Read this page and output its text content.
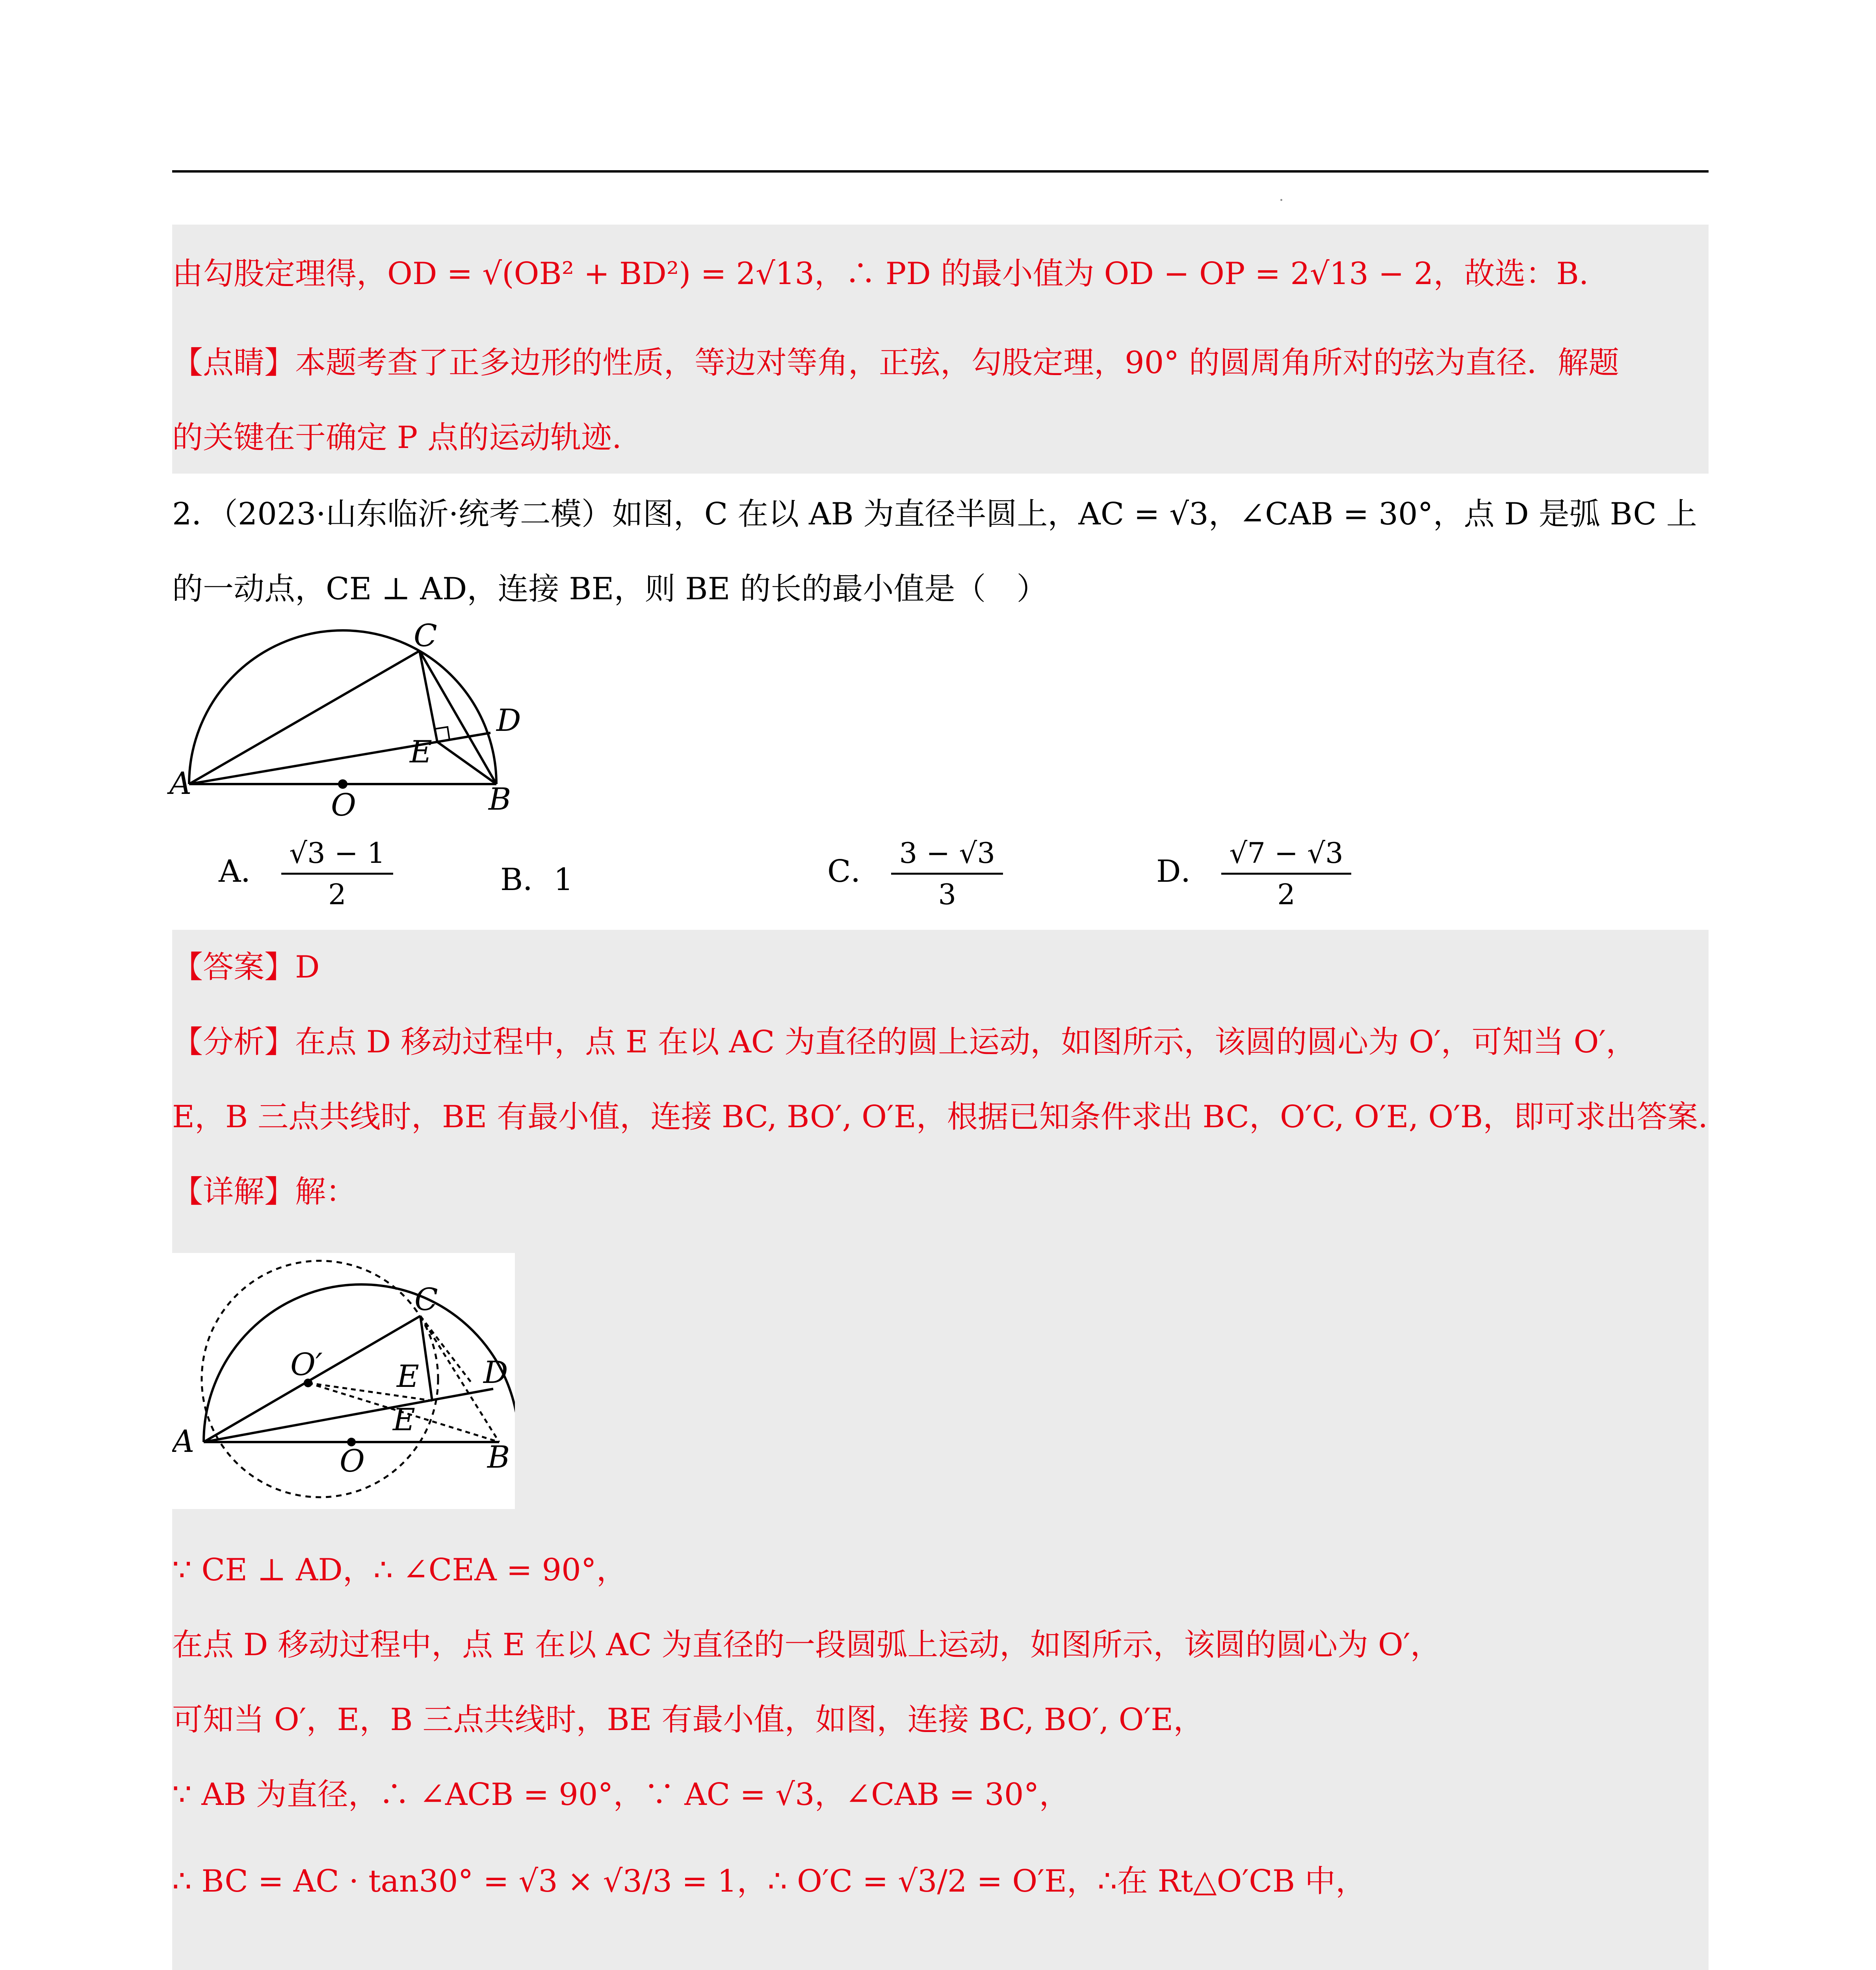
由勾股定理得，OD = √(OB² + BD²) = 2√13，∴ PD 的最小值为 OD − OP = 2√13 − 2，故选：B.
【点睛】本题考查了正多边形的性质，等边对等角，正弦，勾股定理，90° 的圆周角所对的弦为直径．解题
的关键在于确定 P 点的运动轨迹.
2．（2023·山东临沂·统考二模）如图，C 在以 AB 为直径半圆上，AC = √3，∠CAB = 30°，点 D 是弧 BC 上
的一动点，CE ⊥ AD，连接 BE，则 BE 的长的最小值是（　）
C
D
E
A
O	B
A． $\frac{√3 - 1}{2}$	B．1	C． $\frac{3 - √3}{3}$	D． $\frac{√7 - √3}{2}$
【答案】D
【分析】在点 D 移动过程中，点 E 在以 AC 为直径的圆上运动，如图所示，该圆的圆心为 O′，可知当 O′，
E，B 三点共线时，BE 有最小值，连接 BC, BO′, O′E，根据已知条件求出 BC，O′C, O′E, O′B，即可求出答案.
【详解】解：
C
O′ E D
E
A
O	B
∵ CE ⊥ AD，∴ ∠CEA = 90°，
在点 D 移动过程中，点 E 在以 AC 为直径的一段圆弧上运动，如图所示，该圆的圆心为 O′，
可知当 O′，E，B 三点共线时，BE 有最小值，如图，连接 BC, BO′, O′E，
∵ AB 为直径，∴ ∠ACB = 90°，∵ AC = √3，∠CAB = 30°，
∴ BC = AC · tan30° = √3 × √3/3 = 1，∴ O′C = √3/2 = O′E，∴在 Rt△O′CB 中，
